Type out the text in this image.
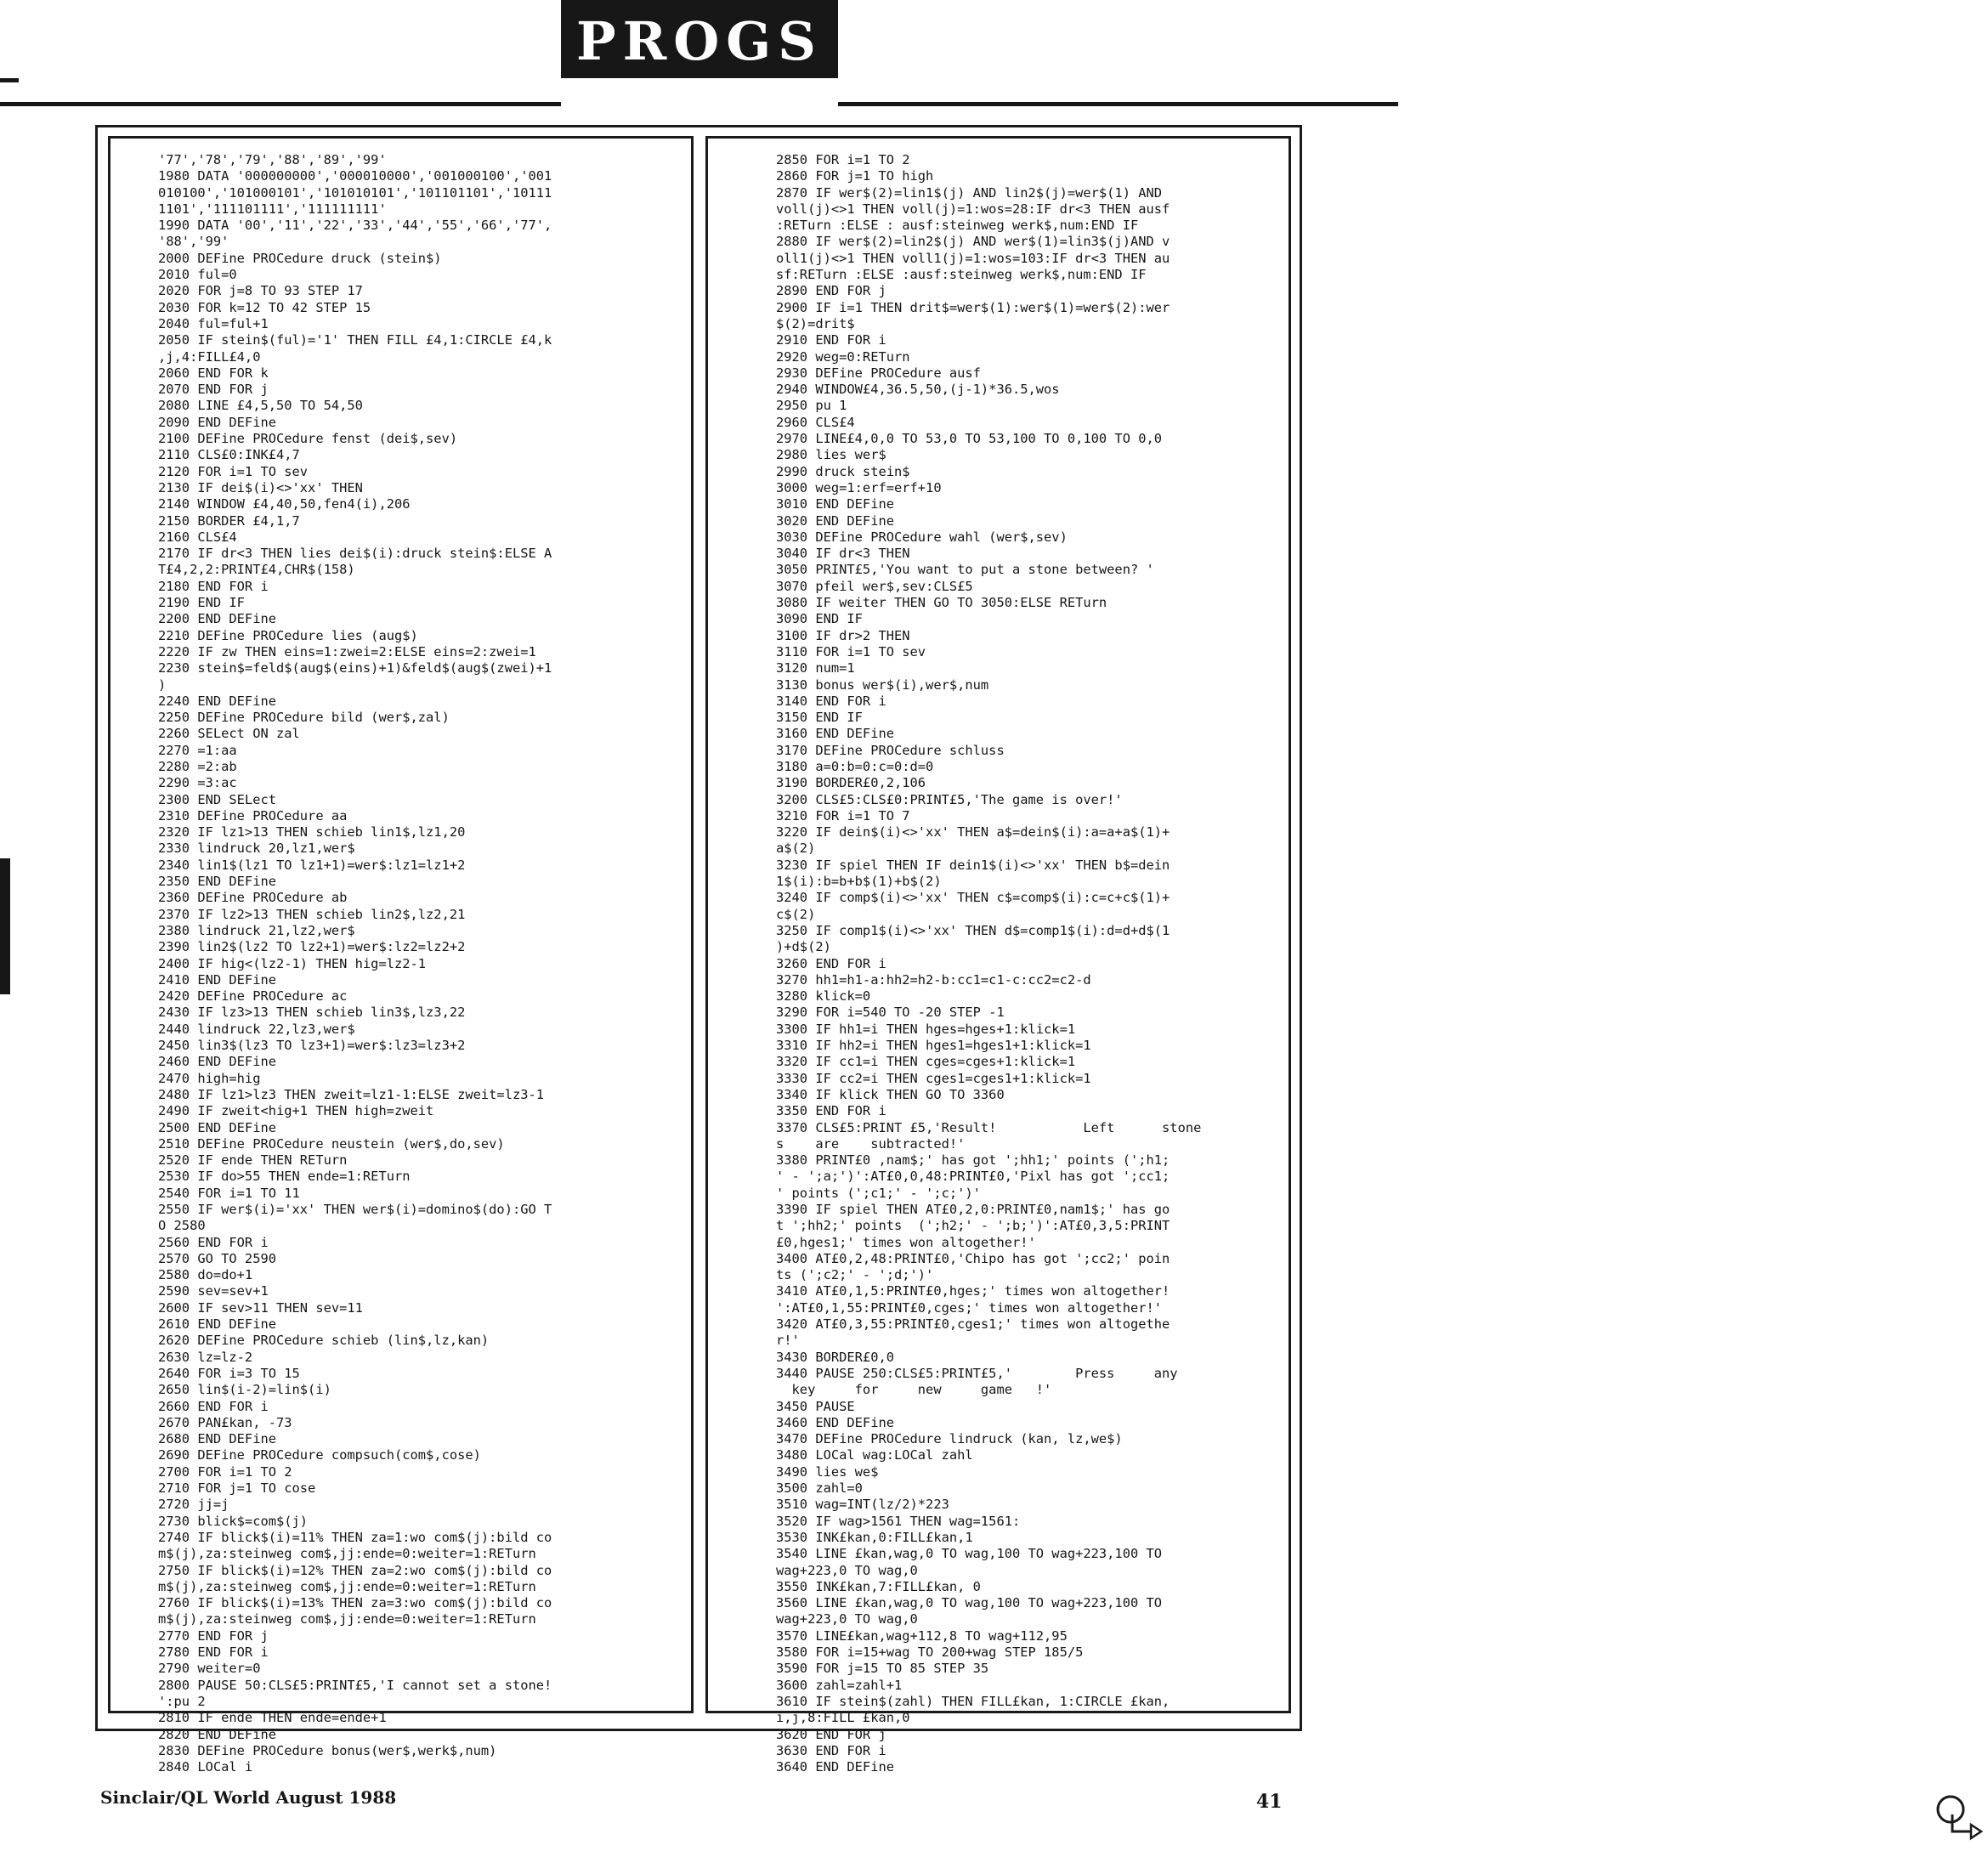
PROGS
'77','78','79','88','89','99'
1980 DATA '000000000','000010000','001000100','001
010100','101000101','101010101','101101101','10111
1101','111101111','111111111'
1990 DATA '00','11','22','33','44','55','66','77',
'88','99'
2000 DEFine PROCedure druck (stein$)
2010 ful=0
2020 FOR j=8 TO 93 STEP 17
2030 FOR k=12 TO 42 STEP 15
2040 ful=ful+1
2050 IF stein$(ful)='1' THEN FILL £4,1:CIRCLE £4,k
,j,4:FILL£4,0
2060 END FOR k
2070 END FOR j
2080 LINE £4,5,50 TO 54,50
2090 END DEFine
2100 DEFine PROCedure fenst (dei$,sev)
2110 CLS£0:INK£4,7
2120 FOR i=1 TO sev
2130 IF dei$(i)<>'xx' THEN
2140 WINDOW £4,40,50,fen4(i),206
2150 BORDER £4,1,7
2160 CLS£4
2170 IF dr<3 THEN lies dei$(i):druck stein$:ELSE A
T£4,2,2:PRINT£4,CHR$(158)
2180 END FOR i
2190 END IF
2200 END DEFine
2210 DEFine PROCedure lies (aug$)
2220 IF zw THEN eins=1:zwei=2:ELSE eins=2:zwei=1
2230 stein$=feld$(aug$(eins)+1)&feld$(aug$(zwei)+1
)
2240 END DEFine
2250 DEFine PROCedure bild (wer$,zal)
2260 SELect ON zal
2270 =1:aa
2280 =2:ab
2290 =3:ac
2300 END SELect
2310 DEFine PROCedure aa
2320 IF lz1>13 THEN schieb lin1$,lz1,20
2330 lindruck 20,lz1,wer$
2340 lin1$(lz1 TO lz1+1)=wer$:lz1=lz1+2
2350 END DEFine
2360 DEFine PROCedure ab
2370 IF lz2>13 THEN schieb lin2$,lz2,21
2380 lindruck 21,lz2,wer$
2390 lin2$(lz2 TO lz2+1)=wer$:lz2=lz2+2
2400 IF hig<(lz2-1) THEN hig=lz2-1
2410 END DEFine
2420 DEFine PROCedure ac
2430 IF lz3>13 THEN schieb lin3$,lz3,22
2440 lindruck 22,lz3,wer$
2450 lin3$(lz3 TO lz3+1)=wer$:lz3=lz3+2
2460 END DEFine
2470 high=hig
2480 IF lz1>lz3 THEN zweit=lz1-1:ELSE zweit=lz3-1
2490 IF zweit<hig+1 THEN high=zweit
2500 END DEFine
2510 DEFine PROCedure neustein (wer$,do,sev)
2520 IF ende THEN RETurn
2530 IF do>55 THEN ende=1:RETurn
2540 FOR i=1 TO 11
2550 IF wer$(i)='xx' THEN wer$(i)=domino$(do):GO T
O 2580
2560 END FOR i
2570 GO TO 2590
2580 do=do+1
2590 sev=sev+1
2600 IF sev>11 THEN sev=11
2610 END DEFine
2620 DEFine PROCedure schieb (lin$,lz,kan)
2630 lz=lz-2
2640 FOR i=3 TO 15
2650 lin$(i-2)=lin$(i)
2660 END FOR i
2670 PAN£kan, -73
2680 END DEFine
2690 DEFine PROCedure compsuch(com$,cose)
2700 FOR i=1 TO 2
2710 FOR j=1 TO cose
2720 jj=j
2730 blick$=com$(j)
2740 IF blick$(i)=11% THEN za=1:wo com$(j):bild co
m$(j),za:steinweg com$,jj:ende=0:weiter=1:RETurn
2750 IF blick$(i)=12% THEN za=2:wo com$(j):bild co
m$(j),za:steinweg com$,jj:ende=0:weiter=1:RETurn
2760 IF blick$(i)=13% THEN za=3:wo com$(j):bild co
m$(j),za:steinweg com$,jj:ende=0:weiter=1:RETurn
2770 END FOR j
2780 END FOR i
2790 weiter=0
2800 PAUSE 50:CLS£5:PRINT£5,'I cannot set a stone!
':pu 2
2810 IF ende THEN ende=ende+1
2820 END DEFine
2830 DEFine PROCedure bonus(wer$,werk$,num)
2840 LOCal i

2850 FOR i=1 TO 2
2860 FOR j=1 TO high
2870 IF wer$(2)=lin1$(j) AND lin2$(j)=wer$(1) AND
voll(j)<>1 THEN voll(j)=1:wos=28:IF dr<3 THEN ausf
:RETurn :ELSE : ausf:steinweg werk$,num:END IF
2880 IF wer$(2)=lin2$(j) AND wer$(1)=lin3$(j)AND v
oll1(j)<>1 THEN voll1(j)=1:wos=103:IF dr<3 THEN au
sf:RETurn :ELSE :ausf:steinweg werk$,num:END IF
2890 END FOR j
2900 IF i=1 THEN drit$=wer$(1):wer$(1)=wer$(2):wer
$(2)=drit$
2910 END FOR i
2920 weg=0:RETurn
2930 DEFine PROCedure ausf
2940 WINDOW£4,36.5,50,(j-1)*36.5,wos
2950 pu 1
2960 CLS£4
2970 LINE£4,0,0 TO 53,0 TO 53,100 TO 0,100 TO 0,0
2980 lies wer$
2990 druck stein$
3000 weg=1:erf=erf+10
3010 END DEFine
3020 END DEFine
3030 DEFine PROCedure wahl (wer$,sev)
3040 IF dr<3 THEN
3050 PRINT£5,'You want to put a stone between? '
3070 pfeil wer$,sev:CLS£5
3080 IF weiter THEN GO TO 3050:ELSE RETurn
3090 END IF
3100 IF dr>2 THEN
3110 FOR i=1 TO sev
3120 num=1
3130 bonus wer$(i),wer$,num
3140 END FOR i
3150 END IF
3160 END DEFine
3170 DEFine PROCedure schluss
3180 a=0:b=0:c=0:d=0
3190 BORDER£0,2,106
3200 CLS£5:CLS£0:PRINT£5,'The game is over!'
3210 FOR i=1 TO 7
3220 IF dein$(i)<>'xx' THEN a$=dein$(i):a=a+a$(1)+
a$(2)
3230 IF spiel THEN IF dein1$(i)<>'xx' THEN b$=dein
1$(i):b=b+b$(1)+b$(2)
3240 IF comp$(i)<>'xx' THEN c$=comp$(i):c=c+c$(1)+
c$(2)
3250 IF comp1$(i)<>'xx' THEN d$=comp1$(i):d=d+d$(1
)+d$(2)
3260 END FOR i
3270 hh1=h1-a:hh2=h2-b:cc1=c1-c:cc2=c2-d
3280 klick=0
3290 FOR i=540 TO -20 STEP -1
3300 IF hh1=i THEN hges=hges+1:klick=1
3310 IF hh2=i THEN hges1=hges1+1:klick=1
3320 IF cc1=i THEN cges=cges+1:klick=1
3330 IF cc2=i THEN cges1=cges1+1:klick=1
3340 IF klick THEN GO TO 3360
3350 END FOR i
3370 CLS£5:PRINT £5,'Result!           Left      stone
s    are    subtracted!'
3380 PRINT£0 ,nam$;' has got ';hh1;' points (';h1;
' - ';a;')':AT£0,0,48:PRINT£0,'Pixl has got ';cc1;
' points (';c1;' - ';c;')'
3390 IF spiel THEN AT£0,2,0:PRINT£0,nam1$;' has go
t ';hh2;' points  (';h2;' - ';b;')':AT£0,3,5:PRINT
£0,hges1;' times won altogether!'
3400 AT£0,2,48:PRINT£0,'Chipo has got ';cc2;' poin
ts (';c2;' - ';d;')'
3410 AT£0,1,5:PRINT£0,hges;' times won altogether!
':AT£0,1,55:PRINT£0,cges;' times won altogether!'
3420 AT£0,3,55:PRINT£0,cges1;' times won altogethe
r!'
3430 BORDER£0,0
3440 PAUSE 250:CLS£5:PRINT£5,'        Press     any
key     for     new     game   !'
3450 PAUSE
3460 END DEFine
3470 DEFine PROCedure lindruck (kan, lz,we$)
3480 LOCal wag:LOCal zahl
3490 lies we$
3500 zahl=0
3510 wag=INT(lz/2)*223
3520 IF wag>1561 THEN wag=1561:
3530 INK£kan,0:FILL£kan,1
3540 LINE £kan,wag,0 TO wag,100 TO wag+223,100 TO
wag+223,0 TO wag,0
3550 INK£kan,7:FILL£kan, 0
3560 LINE £kan,wag,0 TO wag,100 TO wag+223,100 TO
wag+223,0 TO wag,0
3570 LINE£kan,wag+112,8 TO wag+112,95
3580 FOR i=15+wag TO 200+wag STEP 185/5
3590 FOR j=15 TO 85 STEP 35
3600 zahl=zahl+1
3610 IF stein$(zahl) THEN FILL£kan, 1:CIRCLE £kan,
i,j,8:FILL £kan,0
3620 END FOR j
3630 END FOR i
3640 END DEFine

Sinclair/QL World August 1988	41
